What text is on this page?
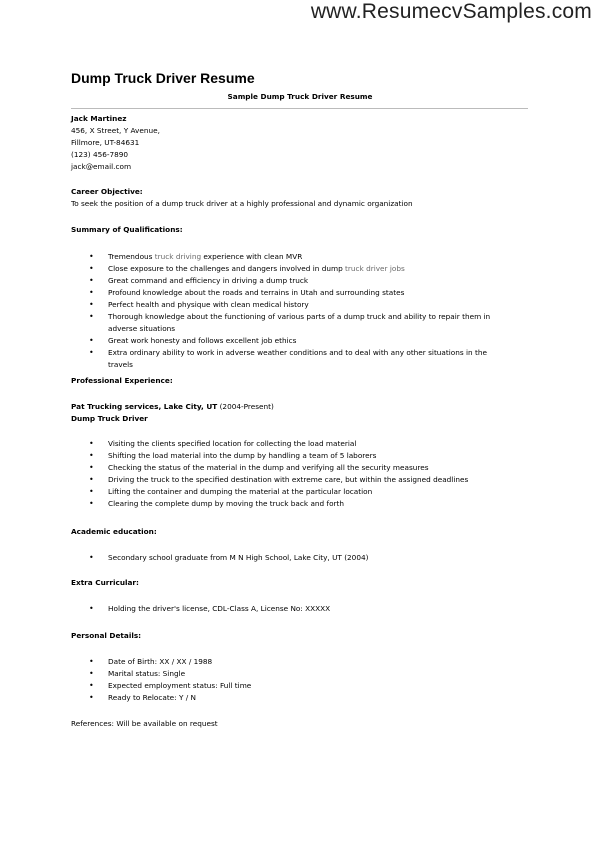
www.ResumecvSamples.com
Dump Truck Driver Resume
Sample Dump Truck Driver Resume
Jack Martinez
456, X Street, Y Avenue,
Fillmore, UT-84631
(123) 456-7890
jack@email.com
Career Objective:
To seek the position of a dump truck driver at a highly professional and dynamic organization
Summary of Qualifications:
• Tremendous truck driving experience with clean MVR
• Close exposure to the challenges and dangers involved in dump truck driver jobs
• Great command and efficiency in driving a dump truck
• Profound knowledge about the roads and terrains in Utah and surrounding states
• Perfect health and physique with clean medical history
• Thorough knowledge about the functioning of various parts of a dump truck and ability to repair them in adverse situations
• Great work honesty and follows excellent job ethics
• Extra ordinary ability to work in adverse weather conditions and to deal with any other situations in the travels
Professional Experience:
Pat Trucking services, Lake City, UT (2004-Present)
Dump Truck Driver
• Visiting the clients specified location for collecting the load material
• Shifting the load material into the dump by handling a team of 5 laborers
• Checking the status of the material in the dump and verifying all the security measures
• Driving the truck to the specified destination with extreme care, but within the assigned deadlines
• Lifting the container and dumping the material at the particular location
• Clearing the complete dump by moving the truck back and forth
Academic education:
• Secondary school graduate from M N High School, Lake City, UT (2004)
Extra Curricular:
• Holding the driver's license, CDL-Class A, License No: XXXXX
Personal Details:
• Date of Birth: XX / XX / 1988
• Marital status: Single
• Expected employment status: Full time
• Ready to Relocate: Y / N
References: Will be available on request
